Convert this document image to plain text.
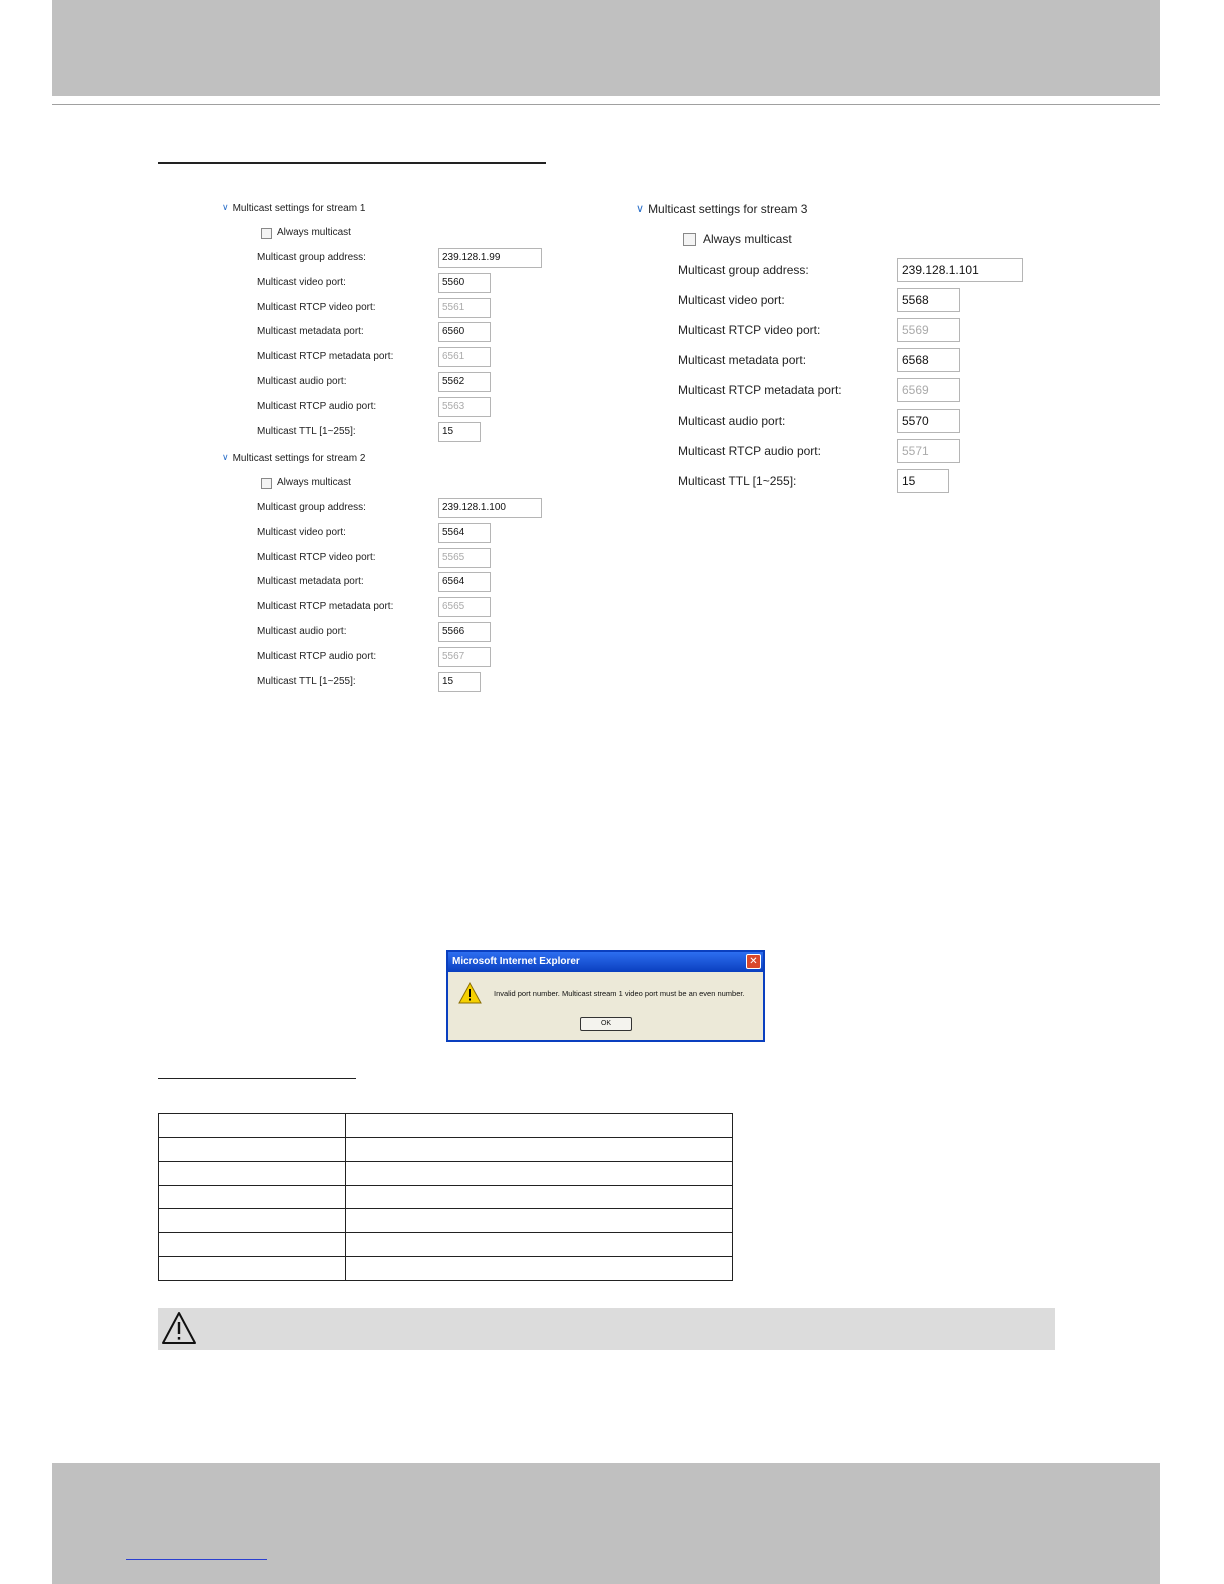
∨ Multicast settings for stream 1
Always multicast
Multicast group address:	239.128.1.99
Multicast video port:	5560
Multicast RTCP video port:	5561
Multicast metadata port:	6560
Multicast RTCP metadata port:	6561
Multicast audio port:	5562
Multicast RTCP audio port:	5563
Multicast TTL [1~255]:	15
∨ Multicast settings for stream 2
Always multicast
Multicast group address:	239.128.1.100
Multicast video port:	5564
Multicast RTCP video port:	5565
Multicast metadata port:	6564
Multicast RTCP metadata port:	6565
Multicast audio port:	5566
Multicast RTCP audio port:	5567
Multicast TTL [1~255]:	15
∨ Multicast settings for stream 3
Always multicast
Multicast group address:	239.128.1.101
Multicast video port:	5568
Multicast RTCP video port:	5569
Multicast metadata port:	6568
Multicast RTCP metadata port:	6569
Multicast audio port:	5570
Multicast RTCP audio port:	5571
Multicast TTL [1~255]:	15
Microsoft Internet Explorer	✕
Invalid port number. Multicast stream 1 video port must be an even number.
OK
